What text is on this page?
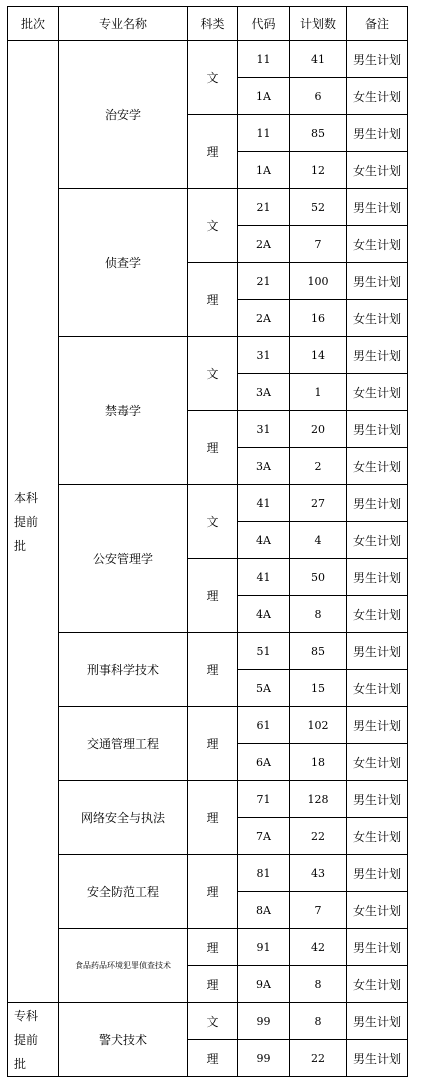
批次	专业名称	科类	代码	计划数	备注

本科
提前
批	治安学	文	11	41	男生计划
			1A	6	女生计划
		理	11	85	男生计划
			1A	12	女生计划
	侦查学	文	21	52	男生计划
			2A	7	女生计划
		理	21	100	男生计划
			2A	16	女生计划
	禁毒学	文	31	14	男生计划
			3A	1	女生计划
		理	31	20	男生计划
			3A	2	女生计划
	公安管理学	文	41	27	男生计划
			4A	4	女生计划
		理	41	50	男生计划
			4A	8	女生计划
	刑事科学技术	理	51	85	男生计划
			5A	15	女生计划
	交通管理工程	理	61	102	男生计划
			6A	18	女生计划
	网络安全与执法	理	71	128	男生计划
			7A	22	女生计划
	安全防范工程	理	81	43	男生计划
			8A	7	女生计划

	食品药品环境犯罪侦查技术	理	91	42	男生计划
		理	9A	8	女生计划

专科
提前
批	警犬技术	文	99	8	男生计划
		理	99	22	男生计划
